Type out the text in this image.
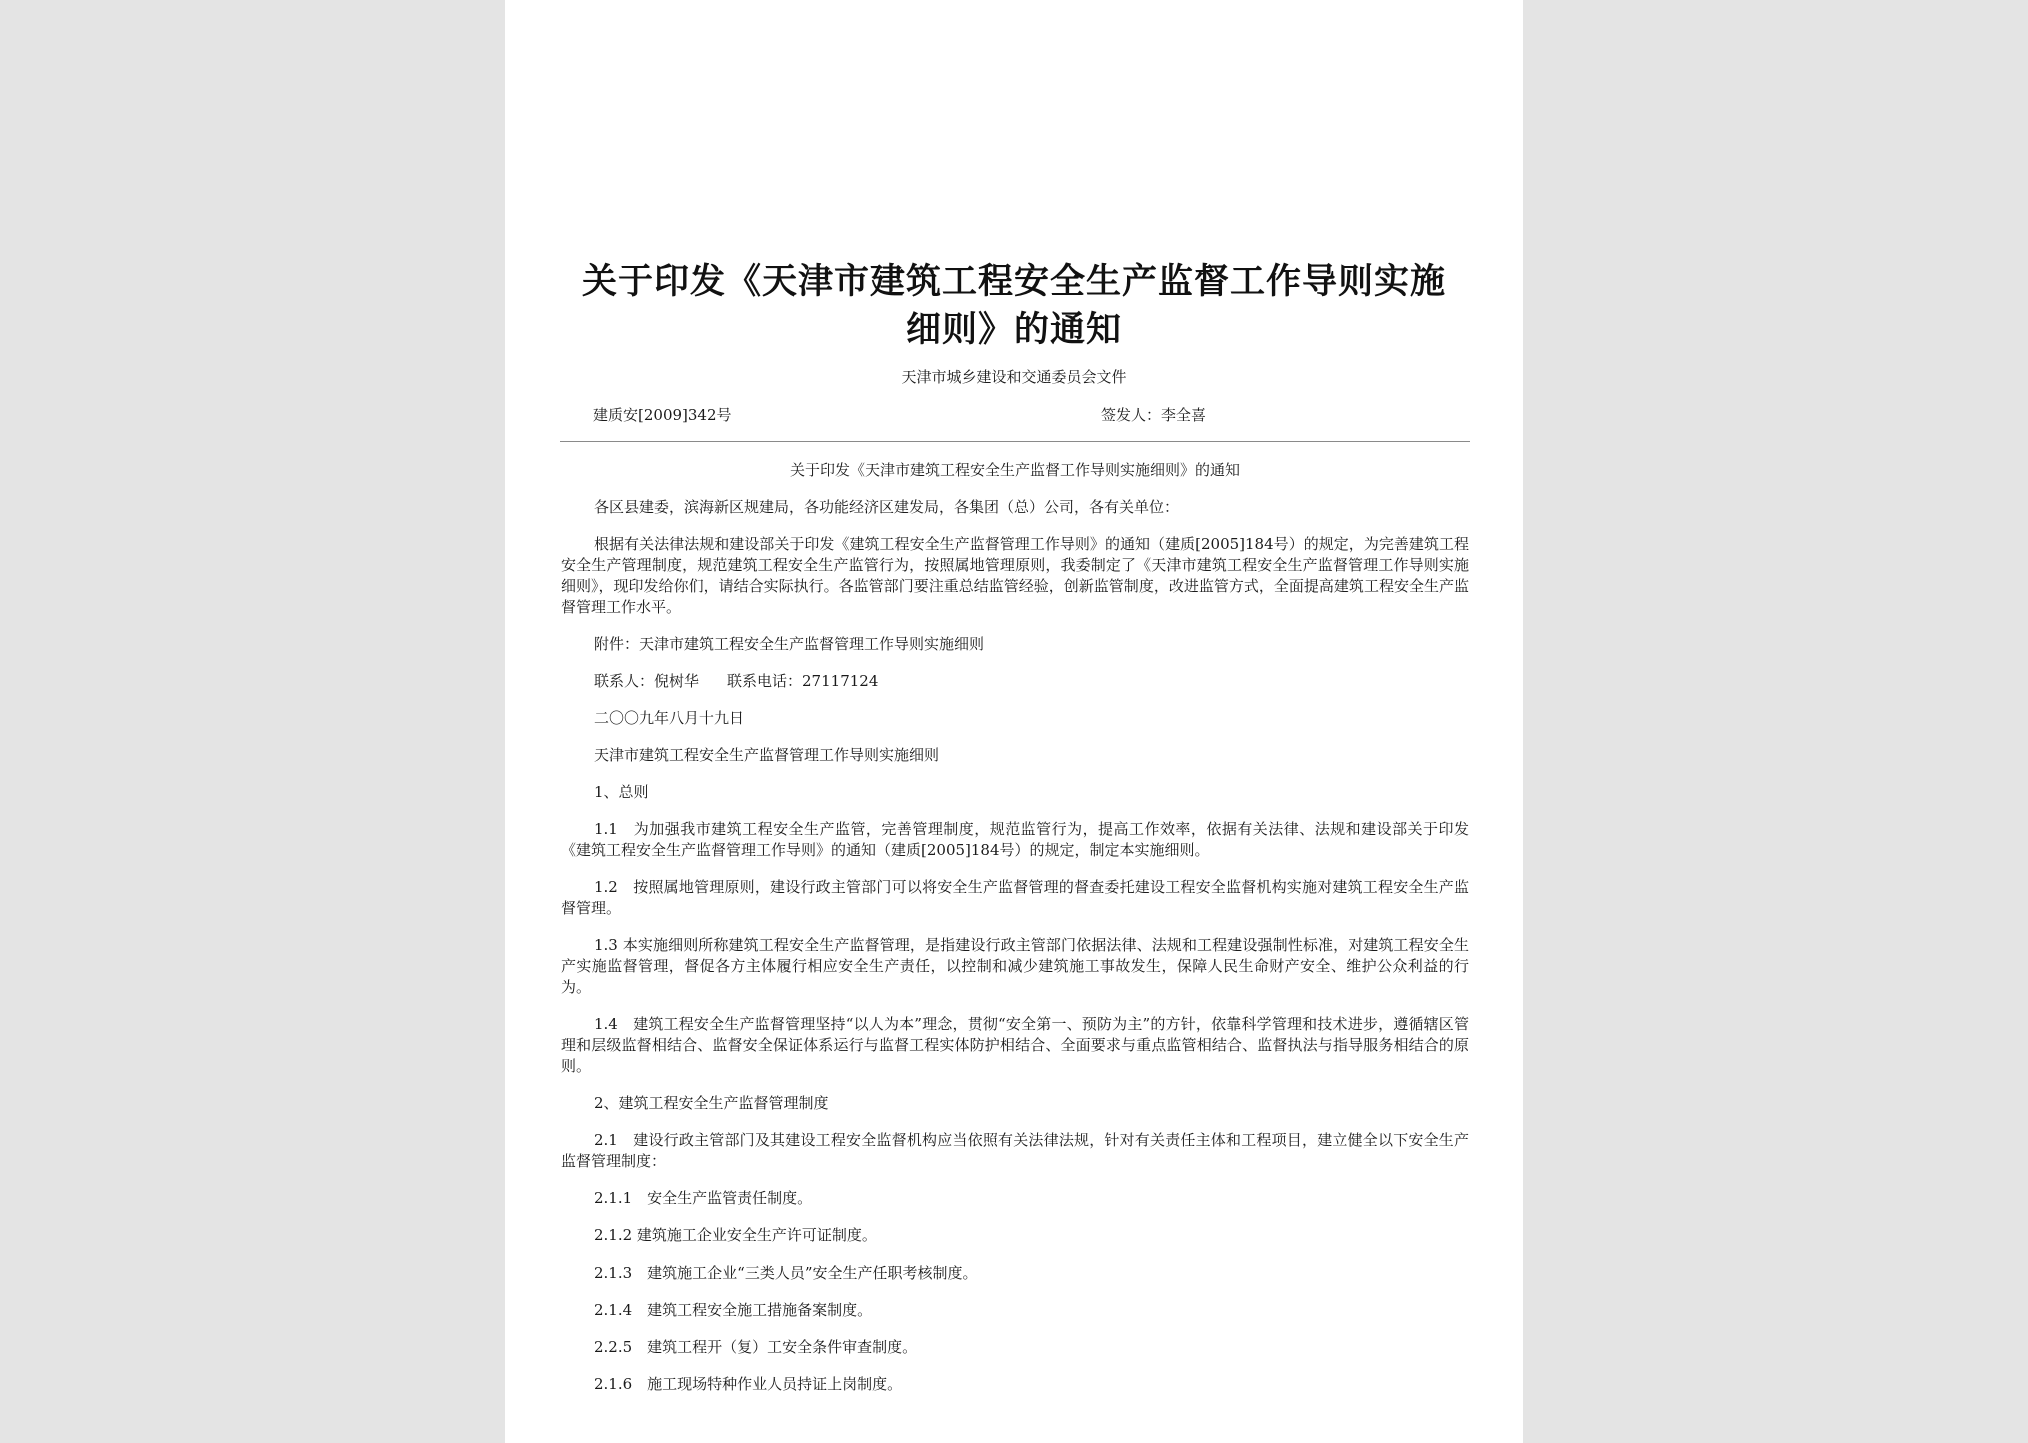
关于印发《天津市建筑工程安全生产监督工作导则实施
细则》的通知
天津市城乡建设和交通委员会文件
建质安[2009]342号	签发人：李全喜

关于印发《天津市建筑工程安全生产监督工作导则实施细则》的通知

各区县建委，滨海新区规建局，各功能经济区建发局，各集团（总）公司，各有关单位：

根据有关法律法规和建设部关于印发《建筑工程安全生产监督管理工作导则》的通知（建质[2005]184号）的规定，为完善建筑工程安全生产管理制度，规范建筑工程安全生产监管行为，按照属地管理原则，我委制定了《天津市建筑工程安全生产监督管理工作导则实施细则》，现印发给你们，请结合实际执行。各监管部门要注重总结监管经验，创新监管制度，改进监管方式，全面提高建筑工程安全生产监督管理工作水平。

附件：天津市建筑工程安全生产监督管理工作导则实施细则

联系人：倪树华 联系电话：27117124

二〇〇九年八月十九日

天津市建筑工程安全生产监督管理工作导则实施细则

1、总则

1.1　为加强我市建筑工程安全生产监管，完善管理制度，规范监管行为，提高工作效率，依据有关法律、法规和建设部关于印发《建筑工程安全生产监督管理工作导则》的通知（建质[2005]184号）的规定，制定本实施细则。

1.2　按照属地管理原则，建设行政主管部门可以将安全生产监督管理的督查委托建设工程安全监督机构实施对建筑工程安全生产监督管理。

1.3 本实施细则所称建筑工程安全生产监督管理，是指建设行政主管部门依据法律、法规和工程建设强制性标准，对建筑工程安全生产实施监督管理，督促各方主体履行相应安全生产责任，以控制和减少建筑施工事故发生，保障人民生命财产安全、维护公众利益的行为。

1.4　建筑工程安全生产监督管理坚持“以人为本”理念，贯彻“安全第一、预防为主”的方针，依靠科学管理和技术进步，遵循辖区管理和层级监督相结合、监督安全保证体系运行与监督工程实体防护相结合、全面要求与重点监管相结合、监督执法与指导服务相结合的原则。

2、建筑工程安全生产监督管理制度

2.1　建设行政主管部门及其建设工程安全监督机构应当依照有关法律法规，针对有关责任主体和工程项目，建立健全以下安全生产监督管理制度：

2.1.1　安全生产监管责任制度。

2.1.2 建筑施工企业安全生产许可证制度。

2.1.3　建筑施工企业“三类人员”安全生产任职考核制度。

2.1.4　建筑工程安全施工措施备案制度。

2.2.5　建筑工程开（复）工安全条件审查制度。

2.1.6　施工现场特种作业人员持证上岗制度。
